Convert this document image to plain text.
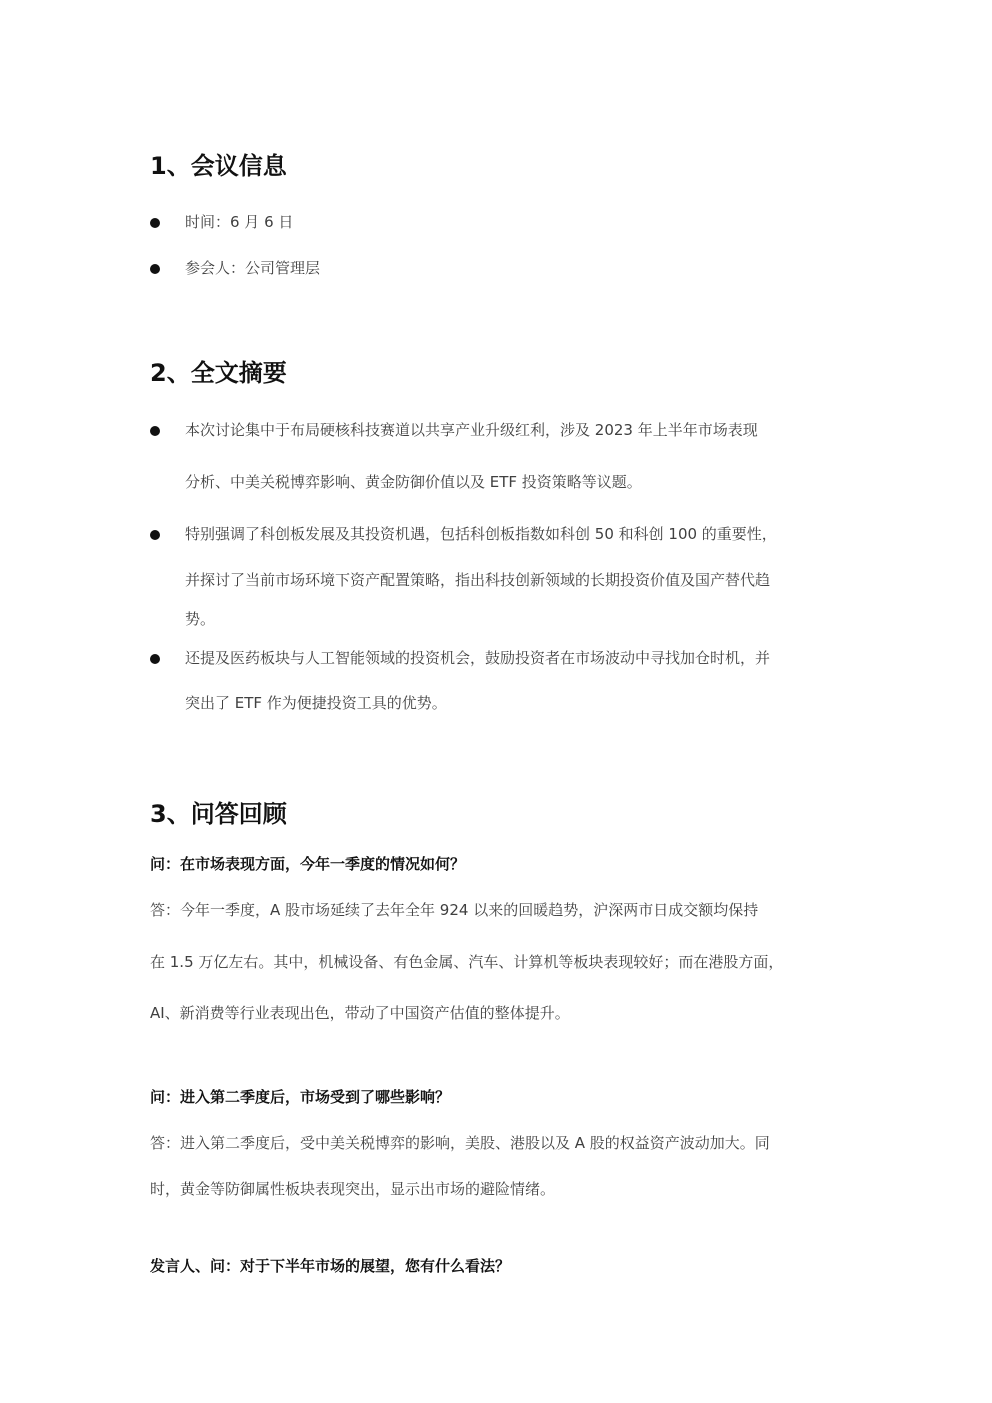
1、会议信息
时间：6 月 6 日
参会人：公司管理层
2、全文摘要
本次讨论集中于布局硬核科技赛道以共享产业升级红利，涉及 2023 年上半年市场表现
分析、中美关税博弈影响、黄金防御价值以及 ETF 投资策略等议题。
特别强调了科创板发展及其投资机遇，包括科创板指数如科创 50 和科创 100 的重要性，
并探讨了当前市场环境下资产配置策略，指出科技创新领域的长期投资价值及国产替代趋
势。
还提及医药板块与人工智能领域的投资机会，鼓励投资者在市场波动中寻找加仓时机，并
突出了 ETF 作为便捷投资工具的优势。
3、问答回顾
问：在市场表现方面，今年一季度的情况如何？
答：今年一季度，A 股市场延续了去年全年 924 以来的回暖趋势，沪深两市日成交额均保持
在 1.5 万亿左右。其中，机械设备、有色金属、汽车、计算机等板块表现较好；而在港股方面，
AI、新消费等行业表现出色，带动了中国资产估值的整体提升。
问：进入第二季度后，市场受到了哪些影响？
答：进入第二季度后，受中美关税博弈的影响，美股、港股以及 A 股的权益资产波动加大。同
时，黄金等防御属性板块表现突出，显示出市场的避险情绪。
发言人、问：对于下半年市场的展望，您有什么看法？
